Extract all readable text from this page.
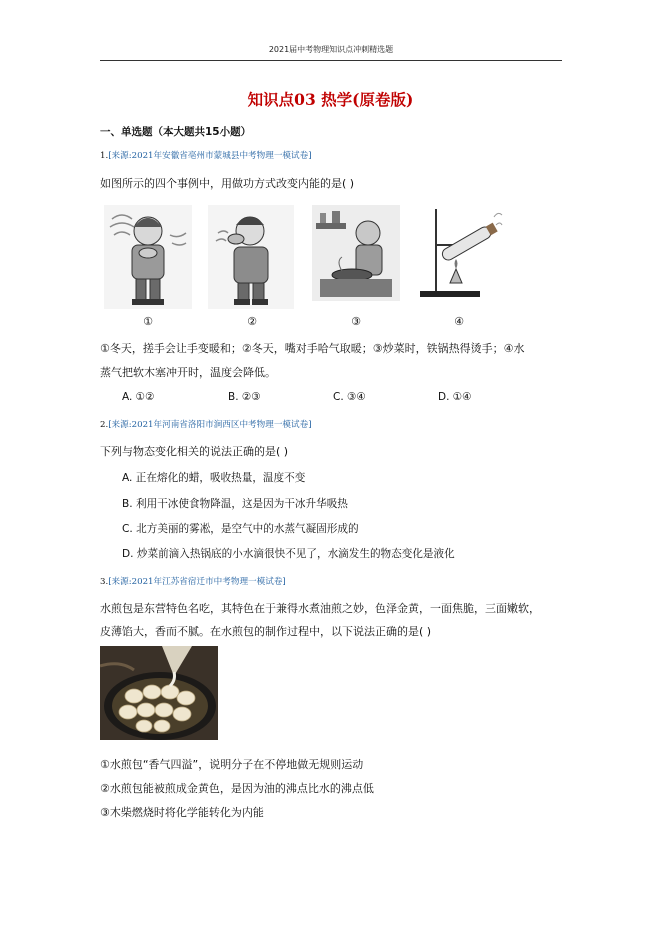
2021届中考物理知识点冲刺精选题
知识点03 热学(原卷版)
一、单选题（本大题共15小题）
1.[来源:2021年安徽省亳州市蒙城县中考物理一模试卷]
如图所示的四个事例中，用做功方式改变内能的是( )
①	②	③	④
①冬天，搓手会让手变暖和；②冬天，嘴对手哈气取暖；③炒菜时，铁锅热得烫手；④水
蒸气把软木塞冲开时，温度会降低。
A. ①②	B. ②③	C. ③④	D. ①④
2.[来源:2021年河南省洛阳市涧西区中考物理一模试卷]
下列与物态变化相关的说法正确的是( )
A. 正在熔化的蜡，吸收热量，温度不变
B. 利用干冰使食物降温，这是因为干冰升华吸热
C. 北方美丽的雾凇，是空气中的水蒸气凝固形成的
D. 炒菜前滴入热锅底的小水滴很快不见了，水滴发生的物态变化是液化
3.[来源:2021年江苏省宿迁市中考物理一模试卷]
水煎包是东营特色名吃，其特色在于兼得水煮油煎之妙，色泽金黄，一面焦脆，三面嫩软，
皮薄馅大，香而不腻。在水煎包的制作过程中，以下说法正确的是( )
①水煎包“香气四溢”，说明分子在不停地做无规则运动
②水煎包能被煎成金黄色，是因为油的沸点比水的沸点低
③木柴燃烧时将化学能转化为内能
